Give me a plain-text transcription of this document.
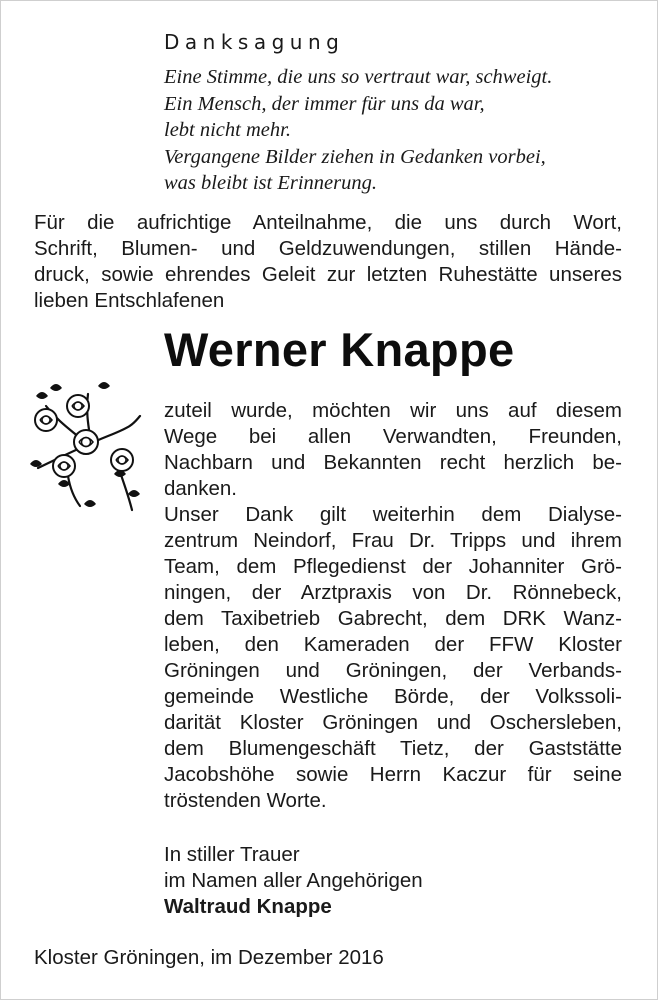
Danksagung
Eine Stimme, die uns so vertraut war, schweigt.
Ein Mensch, der immer für uns da war,
lebt nicht mehr.
Vergangene Bilder ziehen in Gedanken vorbei,
was bleibt ist Erinnerung.
Für die aufrichtige Anteilnahme, die uns durch Wort,
Schrift, Blumen- und Geldzuwendungen, stillen Hände-
druck, sowie ehrendes Geleit zur letzten Ruhestätte unseres
lieben Entschlafenen
Werner Knappe
zuteil wurde, möchten wir uns auf diesem
Wege bei allen Verwandten, Freunden,
Nachbarn und Bekannten recht herzlich be-
danken.
Unser Dank gilt weiterhin dem Dialyse-
zentrum Neindorf, Frau Dr. Tripps und ihrem
Team, dem Pflegedienst der Johanniter Grö-
ningen, der Arztpraxis von Dr. Rönnebeck,
dem Taxibetrieb Gabrecht, dem DRK Wanz-
leben, den Kameraden der FFW Kloster
Gröningen und Gröningen, der Verbands-
gemeinde Westliche Börde, der Volkssoli-
darität Kloster Gröningen und Oschersleben,
dem Blumengeschäft Tietz, der Gaststätte
Jacobshöhe sowie Herrn Kaczur für seine
tröstenden Worte.
In stiller Trauer
im Namen aller Angehörigen
Waltraud Knappe
Kloster Gröningen, im Dezember 2016
